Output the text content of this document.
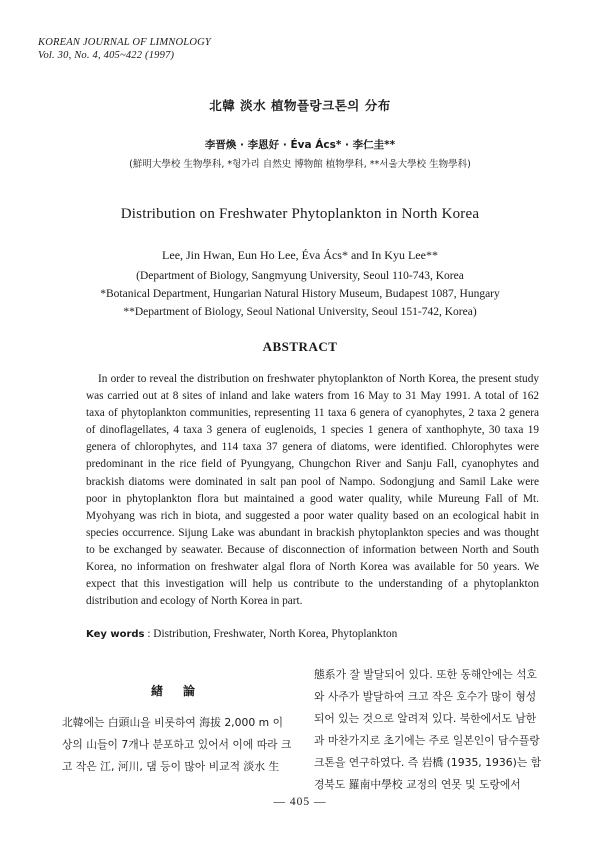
KOREAN JOURNAL OF LIMNOLOGY
Vol. 30, No. 4, 405~422 (1997)
北韓 淡水 植物플랑크톤의 分布
李晋煥 · 李恩好 · Éva Ács* · 李仁圭**
(鮮明大學校 生物學科, *헝가리 自然史 博物館 植物學科, **서울大學校 生物學科)
Distribution on Freshwater Phytoplankton in North Korea
Lee, Jin Hwan, Eun Ho Lee, Éva Ács* and In Kyu Lee**
(Department of Biology, Sangmyung University, Seoul 110-743, Korea
*Botanical Department, Hungarian Natural History Museum, Budapest 1087, Hungary
**Department of Biology, Seoul National University, Seoul 151-742, Korea)
ABSTRACT
In order to reveal the distribution on freshwater phytoplankton of North Korea, the present study was carried out at 8 sites of inland and lake waters from 16 May to 31 May 1991. A total of 162 taxa of phytoplankton communities, representing 11 taxa 6 genera of cyanophytes, 2 taxa 2 genera of dinoflagellates, 4 taxa 3 genera of euglenoids, 1 species 1 genera of xanthophyte, 30 taxa 19 genera of chlorophytes, and 114 taxa 37 genera of diatoms, were identified. Chlorophytes were predominant in the rice field of Pyungyang, Chungchon River and Sanju Fall, cyanophytes and brackish diatoms were dominated in salt pan pool of Nampo. Sodongjung and Samil Lake were poor in phytoplankton flora but maintained a good water quality, while Mureung Fall of Mt. Myohyang was rich in biota, and suggested a poor water quality based on an ecological habit in species occurrence. Sijung Lake was abundant in brackish phytoplankton species and was thought to be exchanged by seawater. Because of disconnection of information between North and South Korea, no information on freshwater algal flora of North Korea was available for 50 years. We expect that this investigation will help us contribute to the understanding of a phytoplankton distribution and ecology of North Korea in part.
Key words : Distribution, Freshwater, North Korea, Phytoplankton
緖論
北韓에는 白頭山을 비롯하여 海拔 2,000 m 이
상의 山들이 7개나 분포하고 있어서 이에 따라 크
고 작은 江, 河川, 댐 등이 많아 비교적 淡水 生
態系가 잘 발달되어 있다. 또한 동해안에는 석호
와 사주가 발달하여 크고 작은 호수가 많이 형성
되어 있는 것으로 알려져 있다. 북한에서도 남한
과 마찬가지로 초기에는 주로 일본인이 담수플랑
크톤을 연구하였다. 즉 岩橋 (1935, 1936)는 함
경북도 羅南中學校 교정의 연못 및 도랑에서
— 405 —
